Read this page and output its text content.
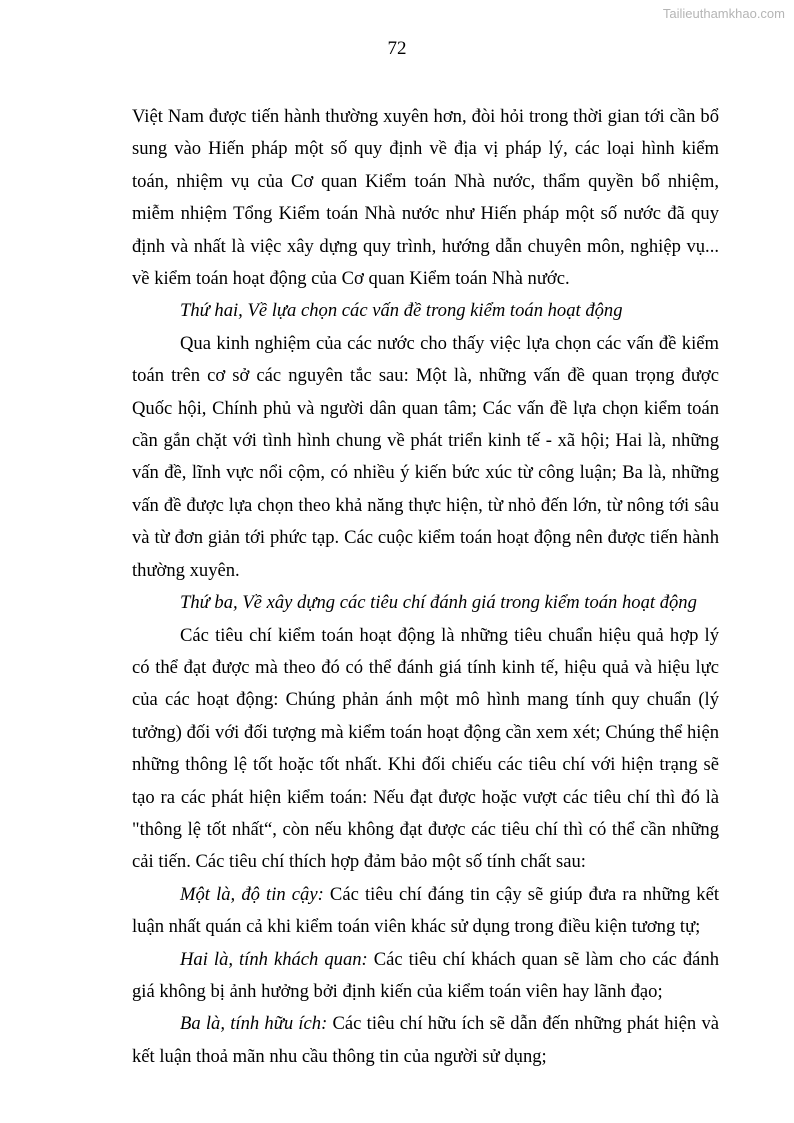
Tailieuthamkhao.com
72

Việt Nam được tiến hành thường xuyên hơn, đòi hỏi trong thời gian tới cần bổ sung vào Hiến pháp một số quy định về địa vị pháp lý, các loại hình kiểm toán, nhiệm vụ của Cơ quan Kiểm toán Nhà nước, thẩm quyền bổ nhiệm, miễm nhiệm Tổng Kiểm toán Nhà nước như Hiến pháp một số nước đã quy định và nhất là việc xây dựng quy trình, hướng dẫn chuyên môn, nghiệp vụ... về kiểm toán hoạt động của Cơ quan Kiểm toán Nhà nước.

Thứ hai, Về lựa chọn các vấn đề trong kiểm toán hoạt động

Qua kinh nghiệm của các nước cho thấy việc lựa chọn các vấn đề kiểm toán trên cơ sở các nguyên tắc sau: Một là, những vấn đề quan trọng được Quốc hội, Chính phủ và người dân quan tâm; Các vấn đề lựa chọn kiểm toán cần gắn chặt với tình hình chung về phát triển kinh tế - xã hội; Hai là, những vấn đề, lĩnh vực nổi cộm, có nhiều ý kiến bức xúc từ công luận; Ba là, những vấn đề được lựa chọn theo khả năng thực hiện, từ nhỏ đến lớn, từ nông tới sâu và từ đơn giản tới phức tạp. Các cuộc kiểm toán hoạt động nên được tiến hành thường xuyên.

Thứ ba, Về xây dựng các tiêu chí đánh giá trong kiểm toán hoạt động

Các tiêu chí kiểm toán hoạt động là những tiêu chuẩn hiệu quả hợp lý có thể đạt được mà theo đó có thể đánh giá tính kinh tế, hiệu quả và hiệu lực của các hoạt động: Chúng phản ánh một mô hình mang tính quy chuẩn (lý tưởng) đối với đối tượng mà kiểm toán hoạt động cần xem xét; Chúng thể hiện những thông lệ tốt hoặc tốt nhất. Khi đối chiếu các tiêu chí với hiện trạng sẽ tạo ra các phát hiện kiểm toán: Nếu đạt được hoặc vượt các tiêu chí thì đó là "thông lệ tốt nhất“, còn nếu không đạt được các tiêu chí thì có thể cần những cải tiến. Các tiêu chí thích hợp đảm bảo một số tính chất sau:

Một là, độ tin cậy: Các tiêu chí đáng tin cậy sẽ giúp đưa ra những kết luận nhất quán cả khi kiểm toán viên khác sử dụng trong điều kiện tương tự;

Hai là, tính khách quan: Các tiêu chí khách quan sẽ làm cho các đánh giá không bị ảnh hưởng bởi định kiến của kiểm toán viên hay lãnh đạo;

Ba là, tính hữu ích: Các tiêu chí hữu ích sẽ dẫn đến những phát hiện và kết luận thoả mãn nhu cầu thông tin của người sử dụng;
